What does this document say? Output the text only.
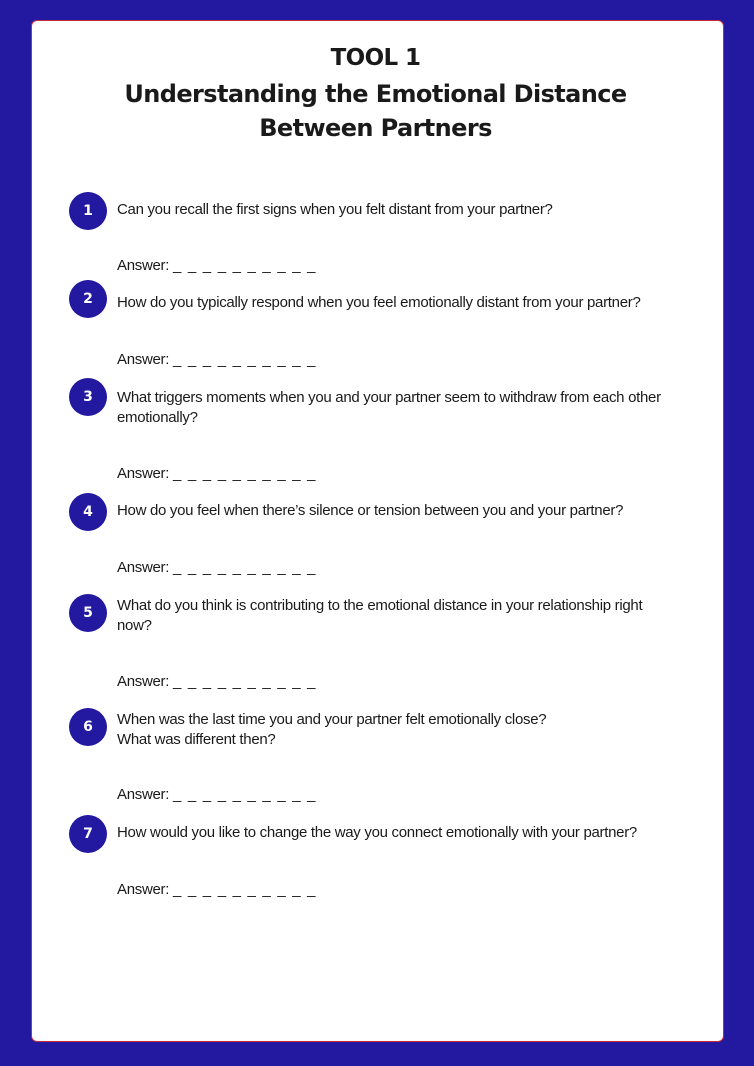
TOOL 1
Understanding the Emotional Distance
Between Partners
1	Can you recall the first signs when you felt distant from your partner?
Answer: _ _ _ _ _ _ _ _ _ _
2	How do you typically respond when you feel emotionally distant from your partner?
Answer: _ _ _ _ _ _ _ _ _ _
3	What triggers moments when you and your partner seem to withdraw from each other
emotionally?
Answer: _ _ _ _ _ _ _ _ _ _
4	How do you feel when there’s silence or tension between you and your partner?
Answer: _ _ _ _ _ _ _ _ _ _
5	What do you think is contributing to the emotional distance in your relationship right
now?
Answer: _ _ _ _ _ _ _ _ _ _
6	When was the last time you and your partner felt emotionally close?
What was different then?
Answer: _ _ _ _ _ _ _ _ _ _
7	How would you like to change the way you connect emotionally with your partner?
Answer: _ _ _ _ _ _ _ _ _ _
